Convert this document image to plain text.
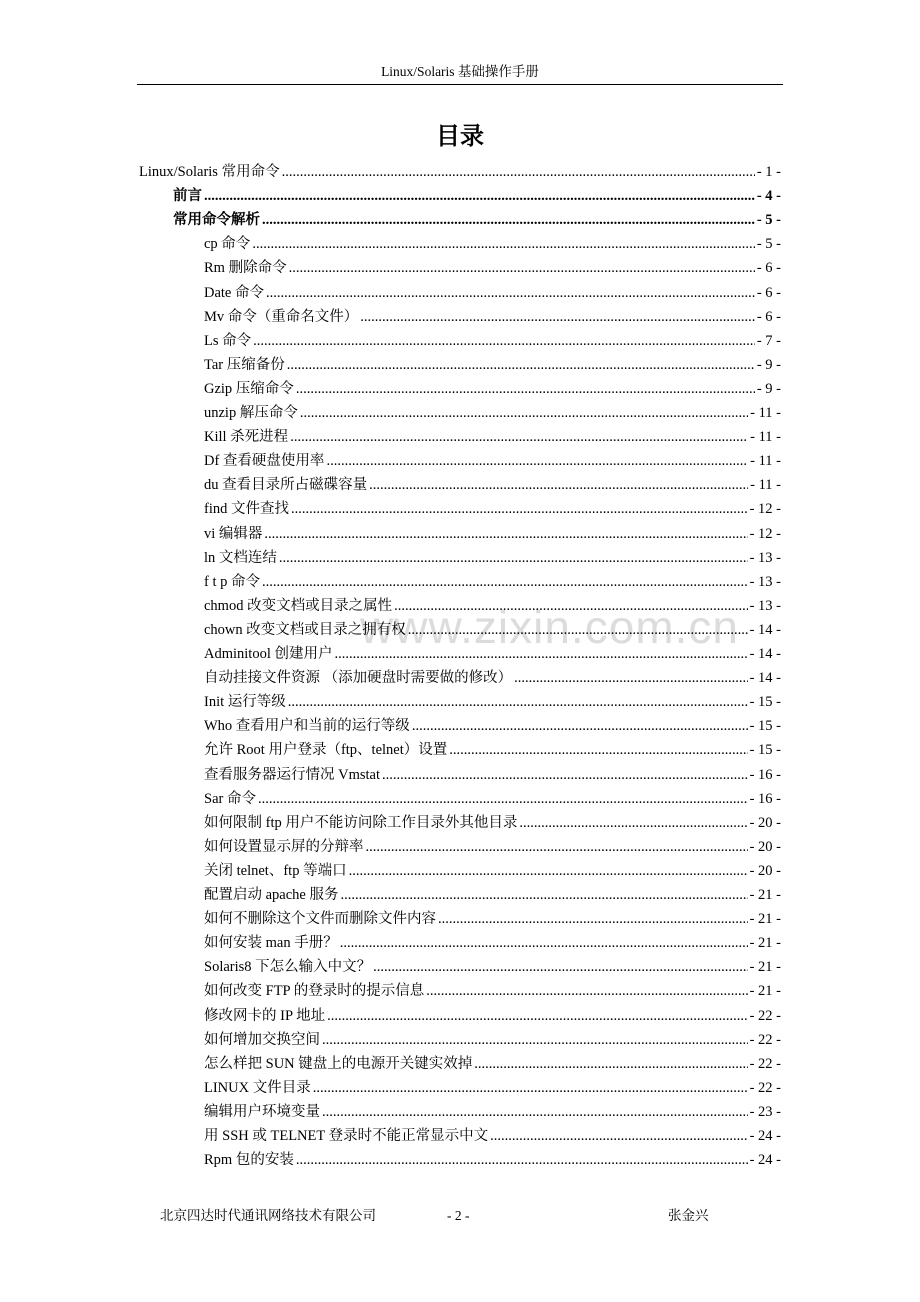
Linux/Solaris 基础操作手册
目录
www.zixin.com.cn
Linux/Solaris 常用命令 .....	- 1 -
前言 .....	- 4 -
常用命令解析 .....	- 5 -
cp 命令 .....	- 5 -
Rm 删除命令 .....	- 6 -
Date 命令 .....	- 6 -
Mv 命令（重命名文件） .....	- 6 -
Ls 命令 .....	- 7 -
Tar 压缩备份 .....	- 9 -
Gzip 压缩命令 .....	- 9 -
unzip 解压命令 .....	- 11 -
Kill 杀死进程 .....	- 11 -
Df 查看硬盘使用率 .....	- 11 -
du 查看目录所占磁碟容量 .....	- 11 -
find 文件查找 .....	- 12 -
vi 编辑器 .....	- 12 -
ln 文档连结 .....	- 13 -
f t p 命令 .....	- 13 -
chmod 改变文档或目录之属性 .....	- 13 -
chown 改变文档或目录之拥有权 .....	- 14 -
Adminitool 创建用户 .....	- 14 -
自动挂接文件资源 （添加硬盘时需要做的修改） .....	- 14 -
Init 运行等级 .....	- 15 -
Who 查看用户和当前的运行等级 .....	- 15 -
允许 Root 用户登录（ftp、telnet）设置 .....	- 15 -
查看服务器运行情况 Vmstat .....	- 16 -
Sar 命令 .....	- 16 -
如何限制 ftp 用户不能访问除工作目录外其他目录 .....	- 20 -
如何设置显示屏的分辩率 .....	- 20 -
关闭 telnet、ftp 等端口 .....	- 20 -
配置启动 apache 服务 .....	- 21 -
如何不删除这个文件而删除文件内容 .....	- 21 -
如何安装 man 手册？ .....	- 21 -
Solaris8 下怎么输入中文？ .....	- 21 -
如何改变 FTP 的登录时的提示信息 .....	- 21 -
修改网卡的 IP 地址 .....	- 22 -
如何增加交换空间 .....	- 22 -
怎么样把 SUN 键盘上的电源开关键实效掉 .....	- 22 -
LINUX 文件目录 .....	- 22 -
编辑用户环境变量 .....	- 23 -
用 SSH 或 TELNET 登录时不能正常显示中文 .....	- 24 -
Rpm 包的安装 .....	- 24 -
北京四达时代通讯网络技术有限公司	- 2 -	张金兴
